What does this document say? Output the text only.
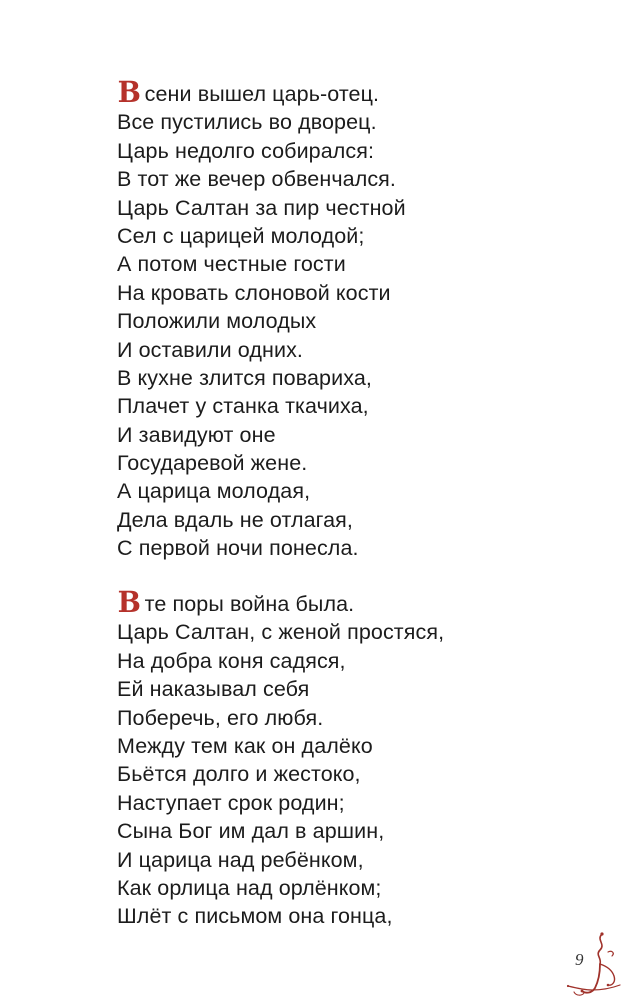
В сени вышел царь-отец.
Все пустились во дворец.
Царь недолго собирался:
В тот же вечер обвенчался.
Царь Салтан за пир честной
Сел с царицей молодой;
А потом честные гости
На кровать слоновой кости
Положили молодых
И оставили одних.
В кухне злится повариха,
Плачет у станка ткачиха,
И завидуют оне
Государевой жене.
А царица молодая,
Дела вдаль не отлагая,
С первой ночи понесла.
В те поры война была.
Царь Салтан, с женой простяся,
На добра коня садяся,
Ей наказывал себя
Поберечь, его любя.
Между тем как он далёко
Бьётся долго и жестоко,
Наступает срок родин;
Сына Бог им дал в аршин,
И царица над ребёнком,
Как орлица над орлёнком;
Шлёт с письмом она гонца,
9
